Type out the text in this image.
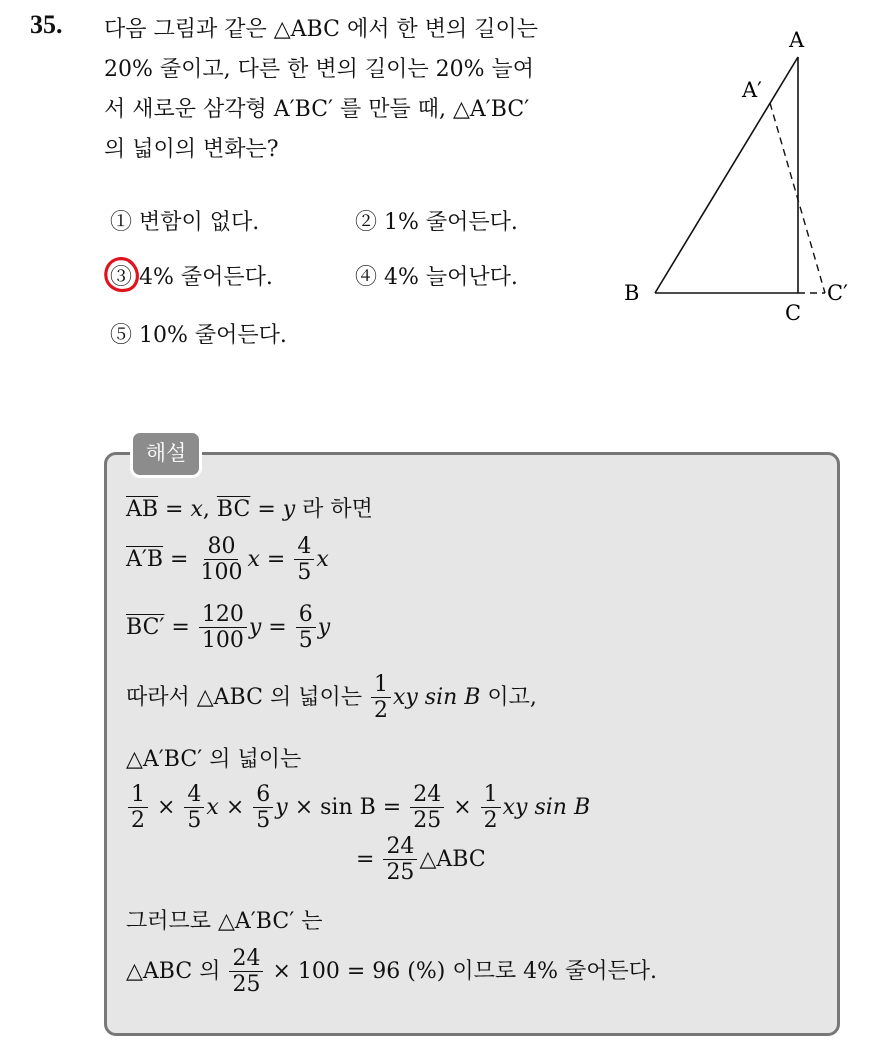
35. 다음 그림과 같은 △ABC 에서 한 변의 길이는
20% 줄이고, 다른 한 변의 길이는 20% 늘여
서 새로운 삼각형 A′BC′ 를 만들 때, △A′BC′
의 넓이의 변화는?
① 변함이 없다.	② 1% 줄어든다.
③ 4% 줄어든다.	④ 4% 늘어난다.
⑤ 10% 줄어든다.
A
A′
B
C
C′
해설
$\overline{AB} = x$, $\overline{BC} = y$ 라 하면
$A'B = \frac{80}{100}$ $x = \frac{4}{5}$ x
$BC' = \frac{120}{100}$ $y = \frac{6}{5}$ y
따라서 △ABC 의 넓이는 $\frac{1}{2}$ xy sin B 이고,
△A′BC′ 의 넓이는
$\frac{1}{2} \times \frac{4}{5}$ $x \times \frac{6}{5}$ $y \times \sin B = \frac{24}{25} \times \frac{1}{2}$ xy sin B
= $\frac{24}{25}$ △ABC
그러므로 △A′BC′ 는
△ABC 의 $\frac{24}{25} \times 100 = 96$ (%) 이므로 4% 줄어든다.
